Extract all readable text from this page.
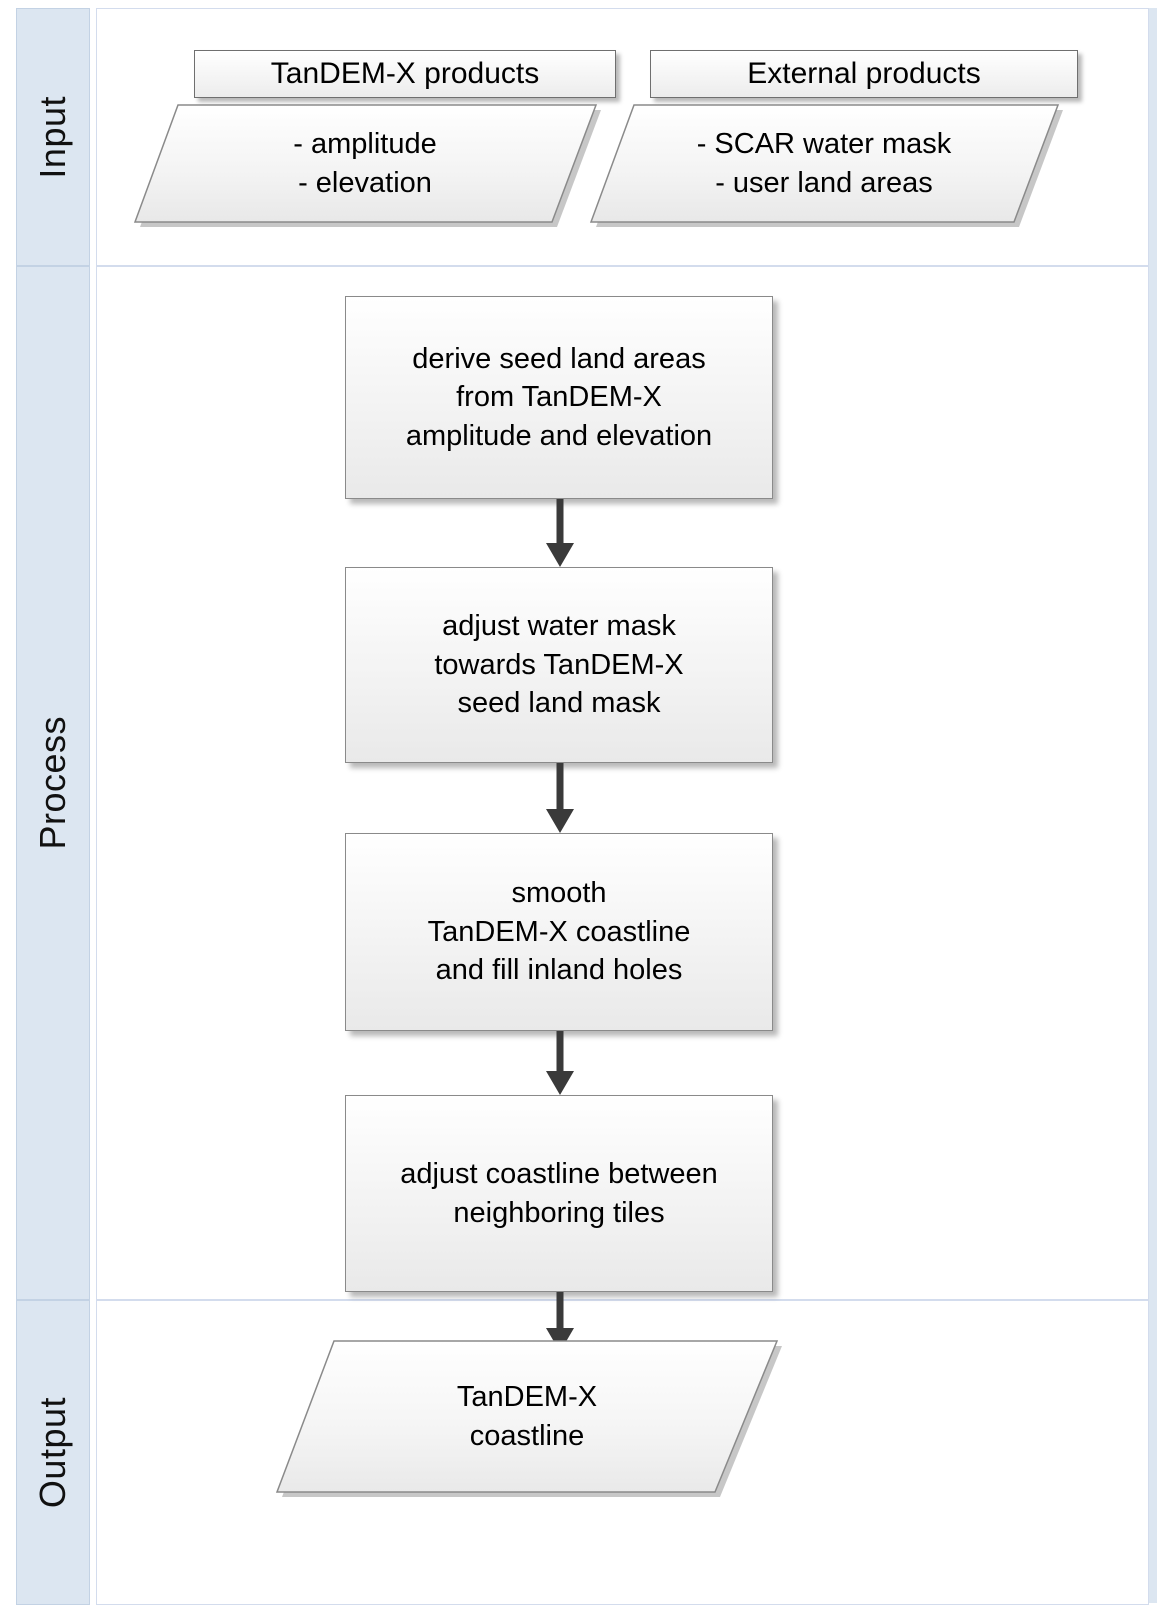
Input
Process
Output
TanDEM-X products
- amplitude
- elevation
External products
- SCAR water mask
- user land areas
derive seed land areas
from TanDEM-X
amplitude and elevation
adjust water mask
towards TanDEM-X
seed land mask
smooth
TanDEM-X coastline
and fill inland holes
adjust coastline between
neighboring tiles
TanDEM-X
coastline
